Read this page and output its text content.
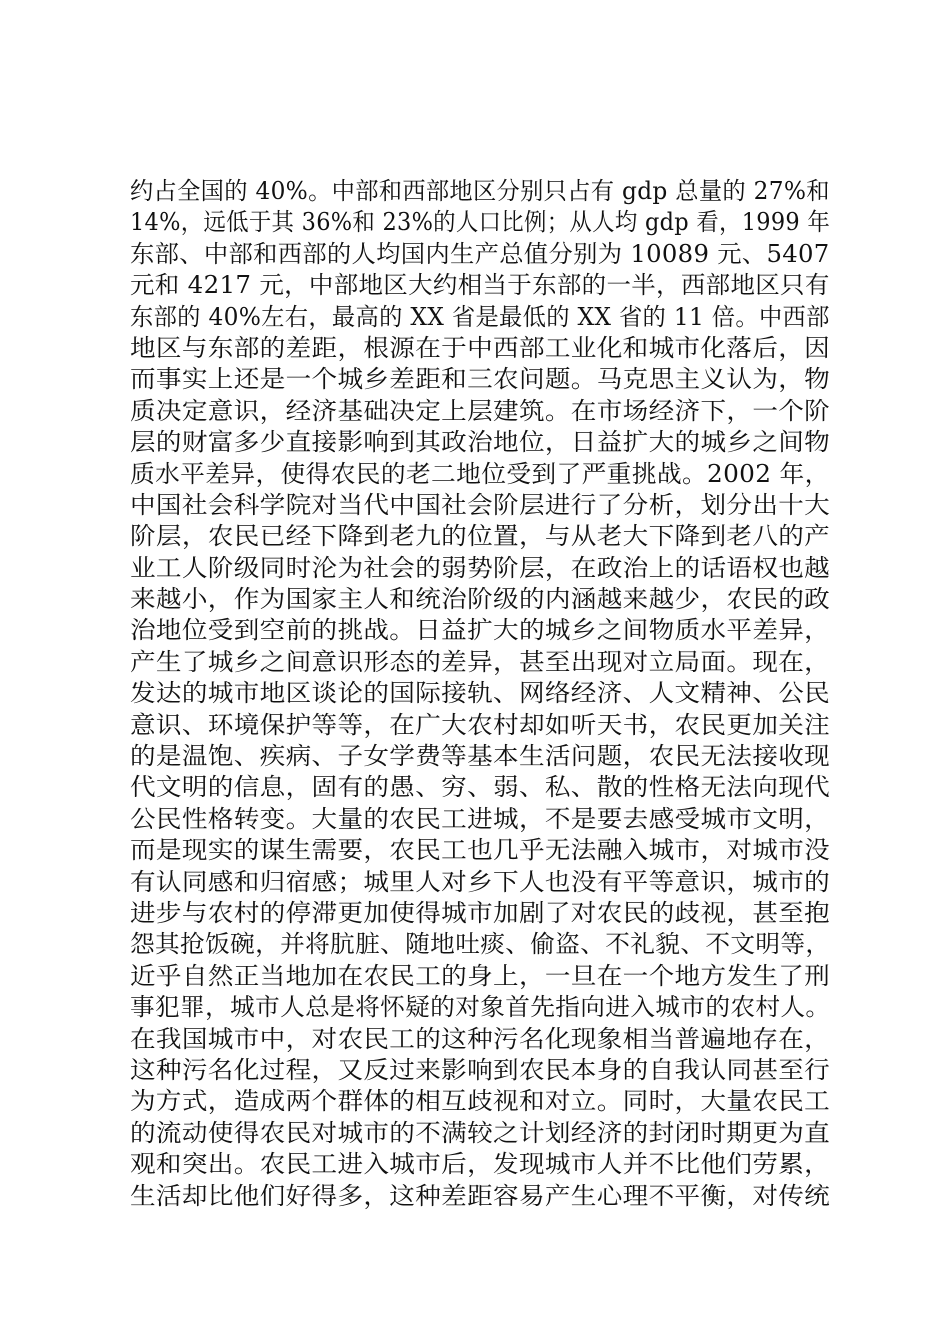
约占全国的 40%。中部和西部地区分别只占有 gdp 总量的 27%和
14%，远低于其 36%和 23%的人口比例；从人均 gdp 看，1999 年
东部、中部和西部的人均国内生产总值分别为 10089 元、5407
元和 4217 元，中部地区大约相当于东部的一半，西部地区只有
东部的 40%左右，最高的 XX 省是最低的 XX 省的 11 倍。中西部
地区与东部的差距，根源在于中西部工业化和城市化落后，因
而事实上还是一个城乡差距和三农问题。马克思主义认为，物
质决定意识，经济基础决定上层建筑。在市场经济下，一个阶
层的财富多少直接影响到其政治地位，日益扩大的城乡之间物
质水平差异，使得农民的老二地位受到了严重挑战。2002 年，
中国社会科学院对当代中国社会阶层进行了分析，划分出十大
阶层，农民已经下降到老九的位置，与从老大下降到老八的产
业工人阶级同时沦为社会的弱势阶层，在政治上的话语权也越
来越小，作为国家主人和统治阶级的内涵越来越少，农民的政
治地位受到空前的挑战。日益扩大的城乡之间物质水平差异，
产生了城乡之间意识形态的差异，甚至出现对立局面。现在，
发达的城市地区谈论的国际接轨、网络经济、人文精神、公民
意识、环境保护等等，在广大农村却如听天书，农民更加关注
的是温饱、疾病、子女学费等基本生活问题，农民无法接收现
代文明的信息，固有的愚、穷、弱、私、散的性格无法向现代
公民性格转变。大量的农民工进城，不是要去感受城市文明，
而是现实的谋生需要，农民工也几乎无法融入城市，对城市没
有认同感和归宿感；城里人对乡下人也没有平等意识，城市的
进步与农村的停滞更加使得城市加剧了对农民的歧视，甚至抱
怨其抢饭碗，并将肮脏、随地吐痰、偷盗、不礼貌、不文明等，
近乎自然正当地加在农民工的身上，一旦在一个地方发生了刑
事犯罪，城市人总是将怀疑的对象首先指向进入城市的农村人。
在我国城市中，对农民工的这种污名化现象相当普遍地存在，
这种污名化过程，又反过来影响到农民本身的自我认同甚至行
为方式，造成两个群体的相互歧视和对立。同时，大量农民工
的流动使得农民对城市的不满较之计划经济的封闭时期更为直
观和突出。农民工进入城市后，发现城市人并不比他们劳累，
生活却比他们好得多，这种差距容易产生心理不平衡，对传统
